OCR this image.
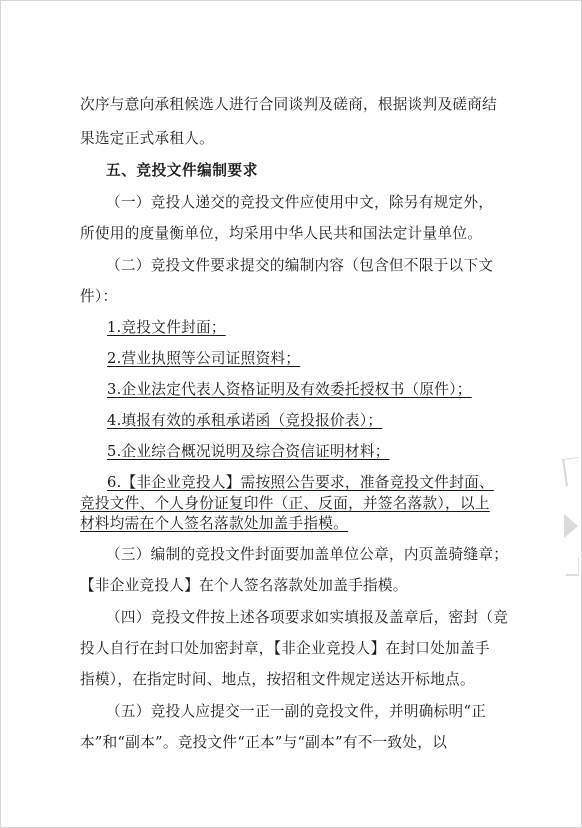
次序与意向承租候选人进行合同谈判及磋商，根据谈判及磋商结
果选定正式承租人。
五、竞投文件编制要求
（一）竞投人递交的竞投文件应使用中文，除另有规定外，
所使用的度量衡单位，均采用中华人民共和国法定计量单位。
（二）竞投文件要求提交的编制内容（包含但不限于以下文
件）：
1.竞投文件封面；
2.营业执照等公司证照资料；
3.企业法定代表人资格证明及有效委托授权书（原件）；
4.填报有效的承租承诺函（竞投报价表）；
5.企业综合概况说明及综合资信证明材料；
6.【非企业竞投人】需按照公告要求，准备竞投文件封面、
竞投文件、个人身份证复印件（正、反面，并签名落款），以上
材料均需在个人签名落款处加盖手指模。
（三）编制的竞投文件封面要加盖单位公章，内页盖骑缝章；
【非企业竞投人】在个人签名落款处加盖手指模。
（四）竞投文件按上述各项要求如实填报及盖章后，密封（竞
投人自行在封口处加密封章，【非企业竞投人】在封口处加盖手
指模），在指定时间、地点，按招租文件规定送达开标地点。
（五）竞投人应提交一正一副的竞投文件，并明确标明“正
本”和“副本”。竞投文件“正本”与“副本”有不一致处，以
